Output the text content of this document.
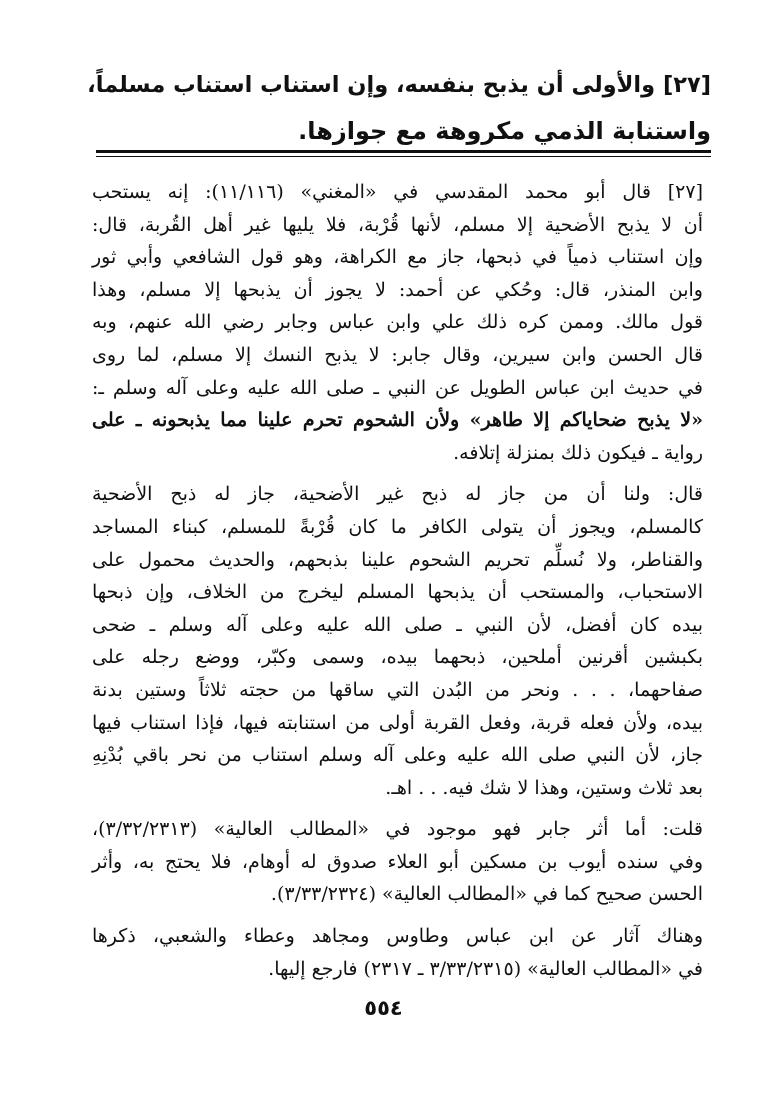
[٢٧] والأولى أن يذبح بنفسه، وإن استناب استناب مسلماً،
واستنابة الذمي مكروهة مع جوازها.

[٢٧] قال أبو محمد المقدسي في «المغني» (١١/١١٦): إنه يستحب
أن لا يذبح الأضحية إلا مسلم، لأنها قُرْبة، فلا يليها غير أهل القُربة، قال:
وإن استناب ذمياً في ذبحها، جاز مع الكراهة، وهو قول الشافعي وأبي ثور
وابن المنذر، قال: وحُكي عن أحمد: لا يجوز أن يذبحها إلا مسلم، وهذا
قول مالك. وممن كره ذلك علي وابن عباس وجابر رضي الله عنهم، وبه
قال الحسن وابن سيرين، وقال جابر: لا يذبح النسك إلا مسلم، لما روى
في حديث ابن عباس الطويل عن النبي ـ صلى الله عليه وعلى آله وسلم ـ:
«لا يذبح ضحاياكم إلا طاهر» ولأن الشحوم تحرم علينا مما يذبحونه ـ على
رواية ـ فيكون ذلك بمنزلة إتلافه.

قال: ولنا أن من جاز له ذبح غير الأضحية، جاز له ذبح الأضحية
كالمسلم، ويجوز أن يتولى الكافر ما كان قُرْبةً للمسلم، كبناء المساجد
والقناطر، ولا نُسلِّم تحريم الشحوم علينا بذبحهم، والحديث محمول على
الاستحباب، والمستحب أن يذبحها المسلم ليخرج من الخلاف، وإن ذبحها
بيده كان أفضل، لأن النبي ـ صلى الله عليه وعلى آله وسلم ـ ضحى
بكبشين أقرنين أملحين، ذبحهما بيده، وسمى وكبّر، ووضع رجله على
صفاحهما، . . . ونحر من البُدن التي ساقها من حجته ثلاثاً وستين بدنة
بيده، ولأن فعله قربة، وفعل القربة أولى من استنابته فيها، فإذا استناب فيها
جاز، لأن النبي صلى الله عليه وعلى آله وسلم استناب من نحر باقي بُدْنِهِ
بعد ثلاث وستين، وهذا لا شك فيه. . . اهـ.

قلت: أما أثر جابر فهو موجود في «المطالب العالية» (٣/٣٢/٢٣١٣)،
وفي سنده أيوب بن مسكين أبو العلاء صدوق له أوهام، فلا يحتج به، وأثر
الحسن صحيح كما في «المطالب العالية» (٣/٣٣/٢٣٢٤).

وهناك آثار عن ابن عباس وطاوس ومجاهد وعطاء والشعبي، ذكرها
في «المطالب العالية» (٣/٣٣/٢٣١٥ ـ ٢٣١٧) فارجع إليها.

٥٥٤
